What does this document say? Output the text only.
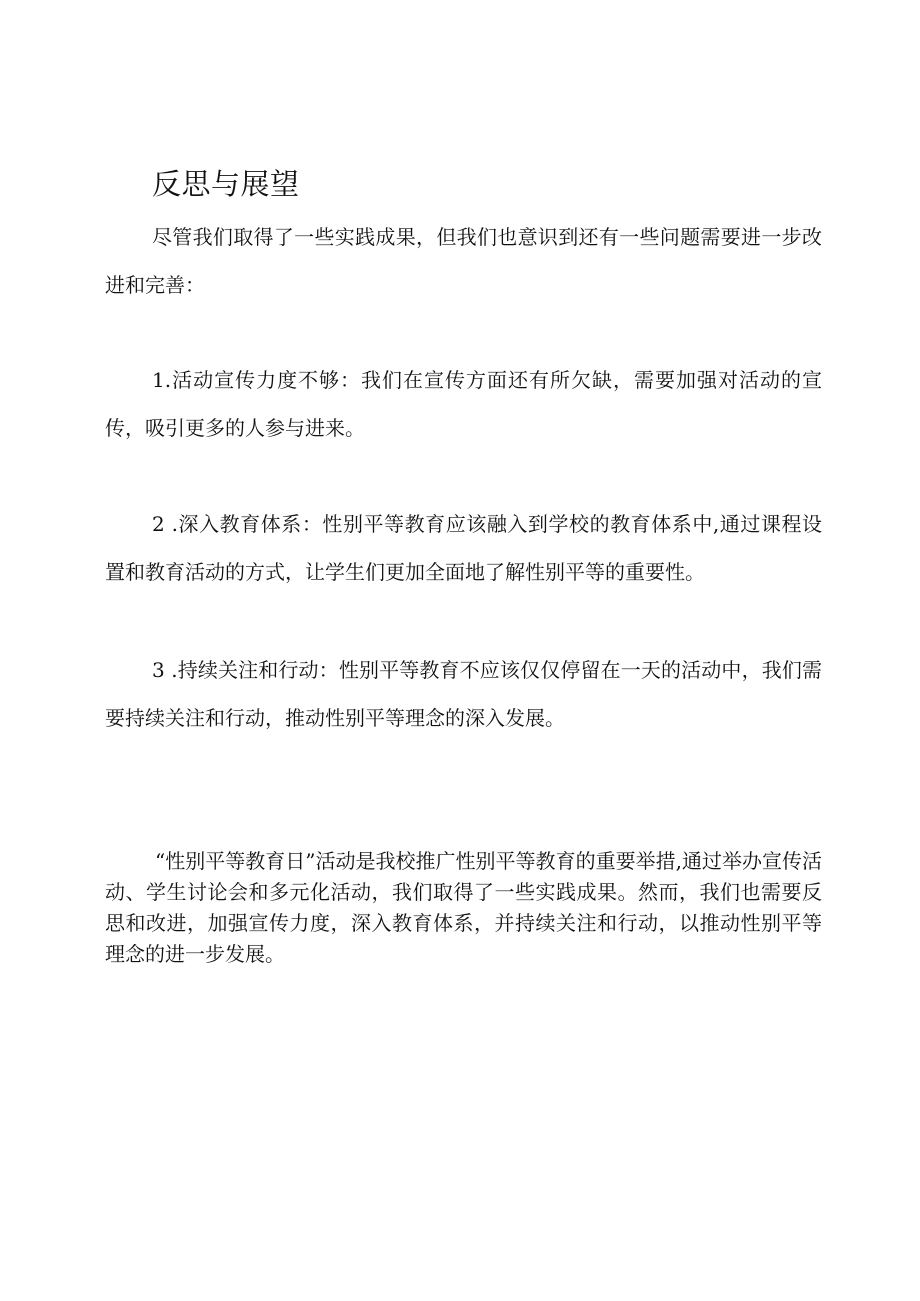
反思与展望

尽管我们取得了一些实践成果，但我们也意识到还有一些问题需要进一步改进和完善：

1.活动宣传力度不够：我们在宣传方面还有所欠缺，需要加强对活动的宣传，吸引更多的人参与进来。

2 .深入教育体系：性别平等教育应该融入到学校的教育体系中,通过课程设置和教育活动的方式，让学生们更加全面地了解性别平等的重要性。

3 .持续关注和行动：性别平等教育不应该仅仅停留在一天的活动中，我们需要持续关注和行动，推动性别平等理念的深入发展。

“性别平等教育日”活动是我校推广性别平等教育的重要举措,通过举办宣传活动、学生讨论会和多元化活动，我们取得了一些实践成果。然而，我们也需要反思和改进，加强宣传力度，深入教育体系，并持续关注和行动，以推动性别平等理念的进一步发展。
